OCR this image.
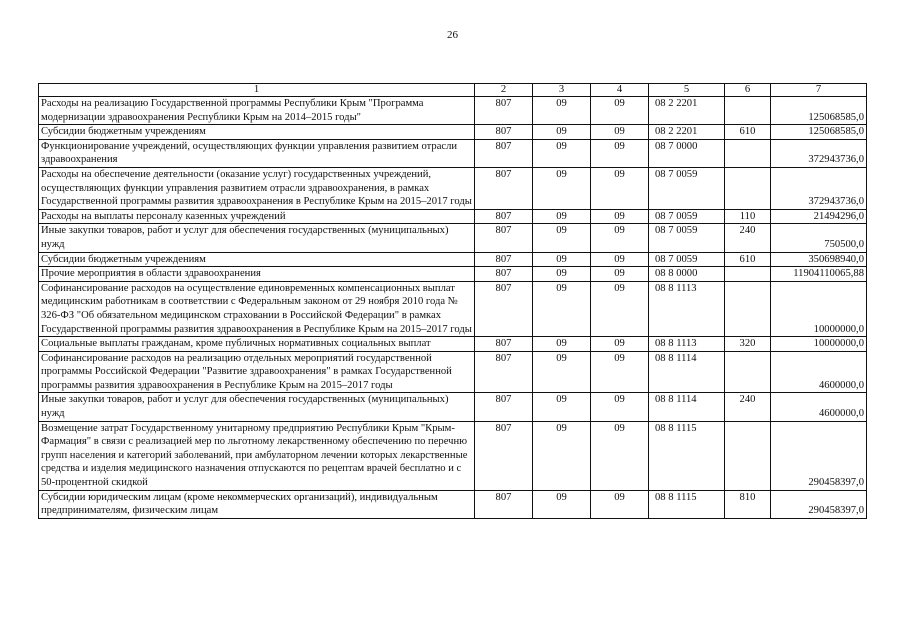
26
1	2	3	4	5	6	7
Расходы на реализацию Государственной программы Республики Крым "Программа модернизации здравоохранения Республики Крым на 2014–2015 годы"	807	09	09	08 2 2201		125068585,0
Субсидии бюджетным учреждениям	807	09	09	08 2 2201	610	125068585,0
Функционирование учреждений, осуществляющих функции управления развитием отрасли здравоохранения	807	09	09	08 7 0000		372943736,0
Расходы на обеспечение деятельности (оказание услуг) государственных учреждений, осуществляющих функции управления развитием отрасли здравоохранения, в рамках Государственной программы развития здравоохранения в Республике Крым на 2015–2017 годы	807	09	09	08 7 0059		372943736,0
Расходы на выплаты персоналу казенных учреждений	807	09	09	08 7 0059	110	21494296,0
Иные закупки товаров, работ и услуг для обеспечения государственных (муниципальных) нужд	807	09	09	08 7 0059	240	750500,0
Субсидии бюджетным учреждениям	807	09	09	08 7 0059	610	350698940,0
Прочие мероприятия в области здравоохранения	807	09	09	08 8 0000		11904110065,88
Софинансирование расходов на осуществление единовременных компенсационных выплат медицинским работникам в соответствии с Федеральным законом от 29 ноября 2010 года № 326-ФЗ "Об обязательном медицинском страховании в Российской Федерации" в рамках Государственной программы развития здравоохранения в Республике Крым на 2015–2017 годы	807	09	09	08 8 1113		10000000,0
Социальные выплаты гражданам, кроме публичных нормативных социальных выплат	807	09	09	08 8 1113	320	10000000,0
Софинансирование расходов на реализацию отдельных мероприятий государственной программы Российской Федерации "Развитие здравоохранения" в рамках Государственной программы развития здравоохранения в Республике Крым на 2015–2017 годы	807	09	09	08 8 1114		4600000,0
Иные закупки товаров, работ и услуг для обеспечения государственных (муниципальных) нужд	807	09	09	08 8 1114	240	4600000,0
Возмещение затрат Государственному унитарному предприятию Республики Крым "Крым-Фармация" в связи с реализацией мер по льготному лекарственному обеспечению по перечню групп населения и категорий заболеваний, при амбулаторном лечении которых лекарственные средства и изделия медицинского назначения отпускаются по рецептам врачей бесплатно и с 50-процентной скидкой	807	09	09	08 8 1115		290458397,0
Субсидии юридическим лицам (кроме некоммерческих организаций), индивидуальным предпринимателям, физическим лицам	807	09	09	08 8 1115	810	290458397,0
